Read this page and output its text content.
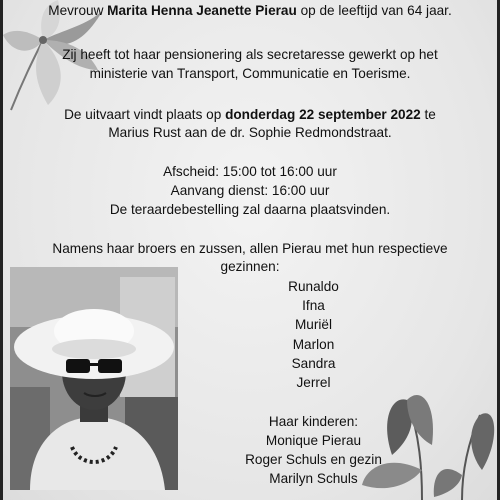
Mevrouw Marita Henna Jeanette Pierau op de leeftijd van 64 jaar.
Zij heeft tot haar pensionering als secretaresse gewerkt op het
ministerie van Transport, Communicatie en Toerisme.
De uitvaart vindt plaats op donderdag 22 september 2022 te
Marius Rust aan de dr. Sophie Redmondstraat.
Afscheid: 15:00 tot 16:00 uur
Aanvang dienst: 16:00 uur
De teraardebestelling zal daarna plaatsvinden.
Namens haar broers en zussen, allen Pierau met hun respectieve
gezinnen:
Runaldo
Ifna
Muriël
Marlon
Sandra
Jerrel
Haar kinderen:
Monique Pierau
Roger Schuls en gezin
Marilyn Schuls
